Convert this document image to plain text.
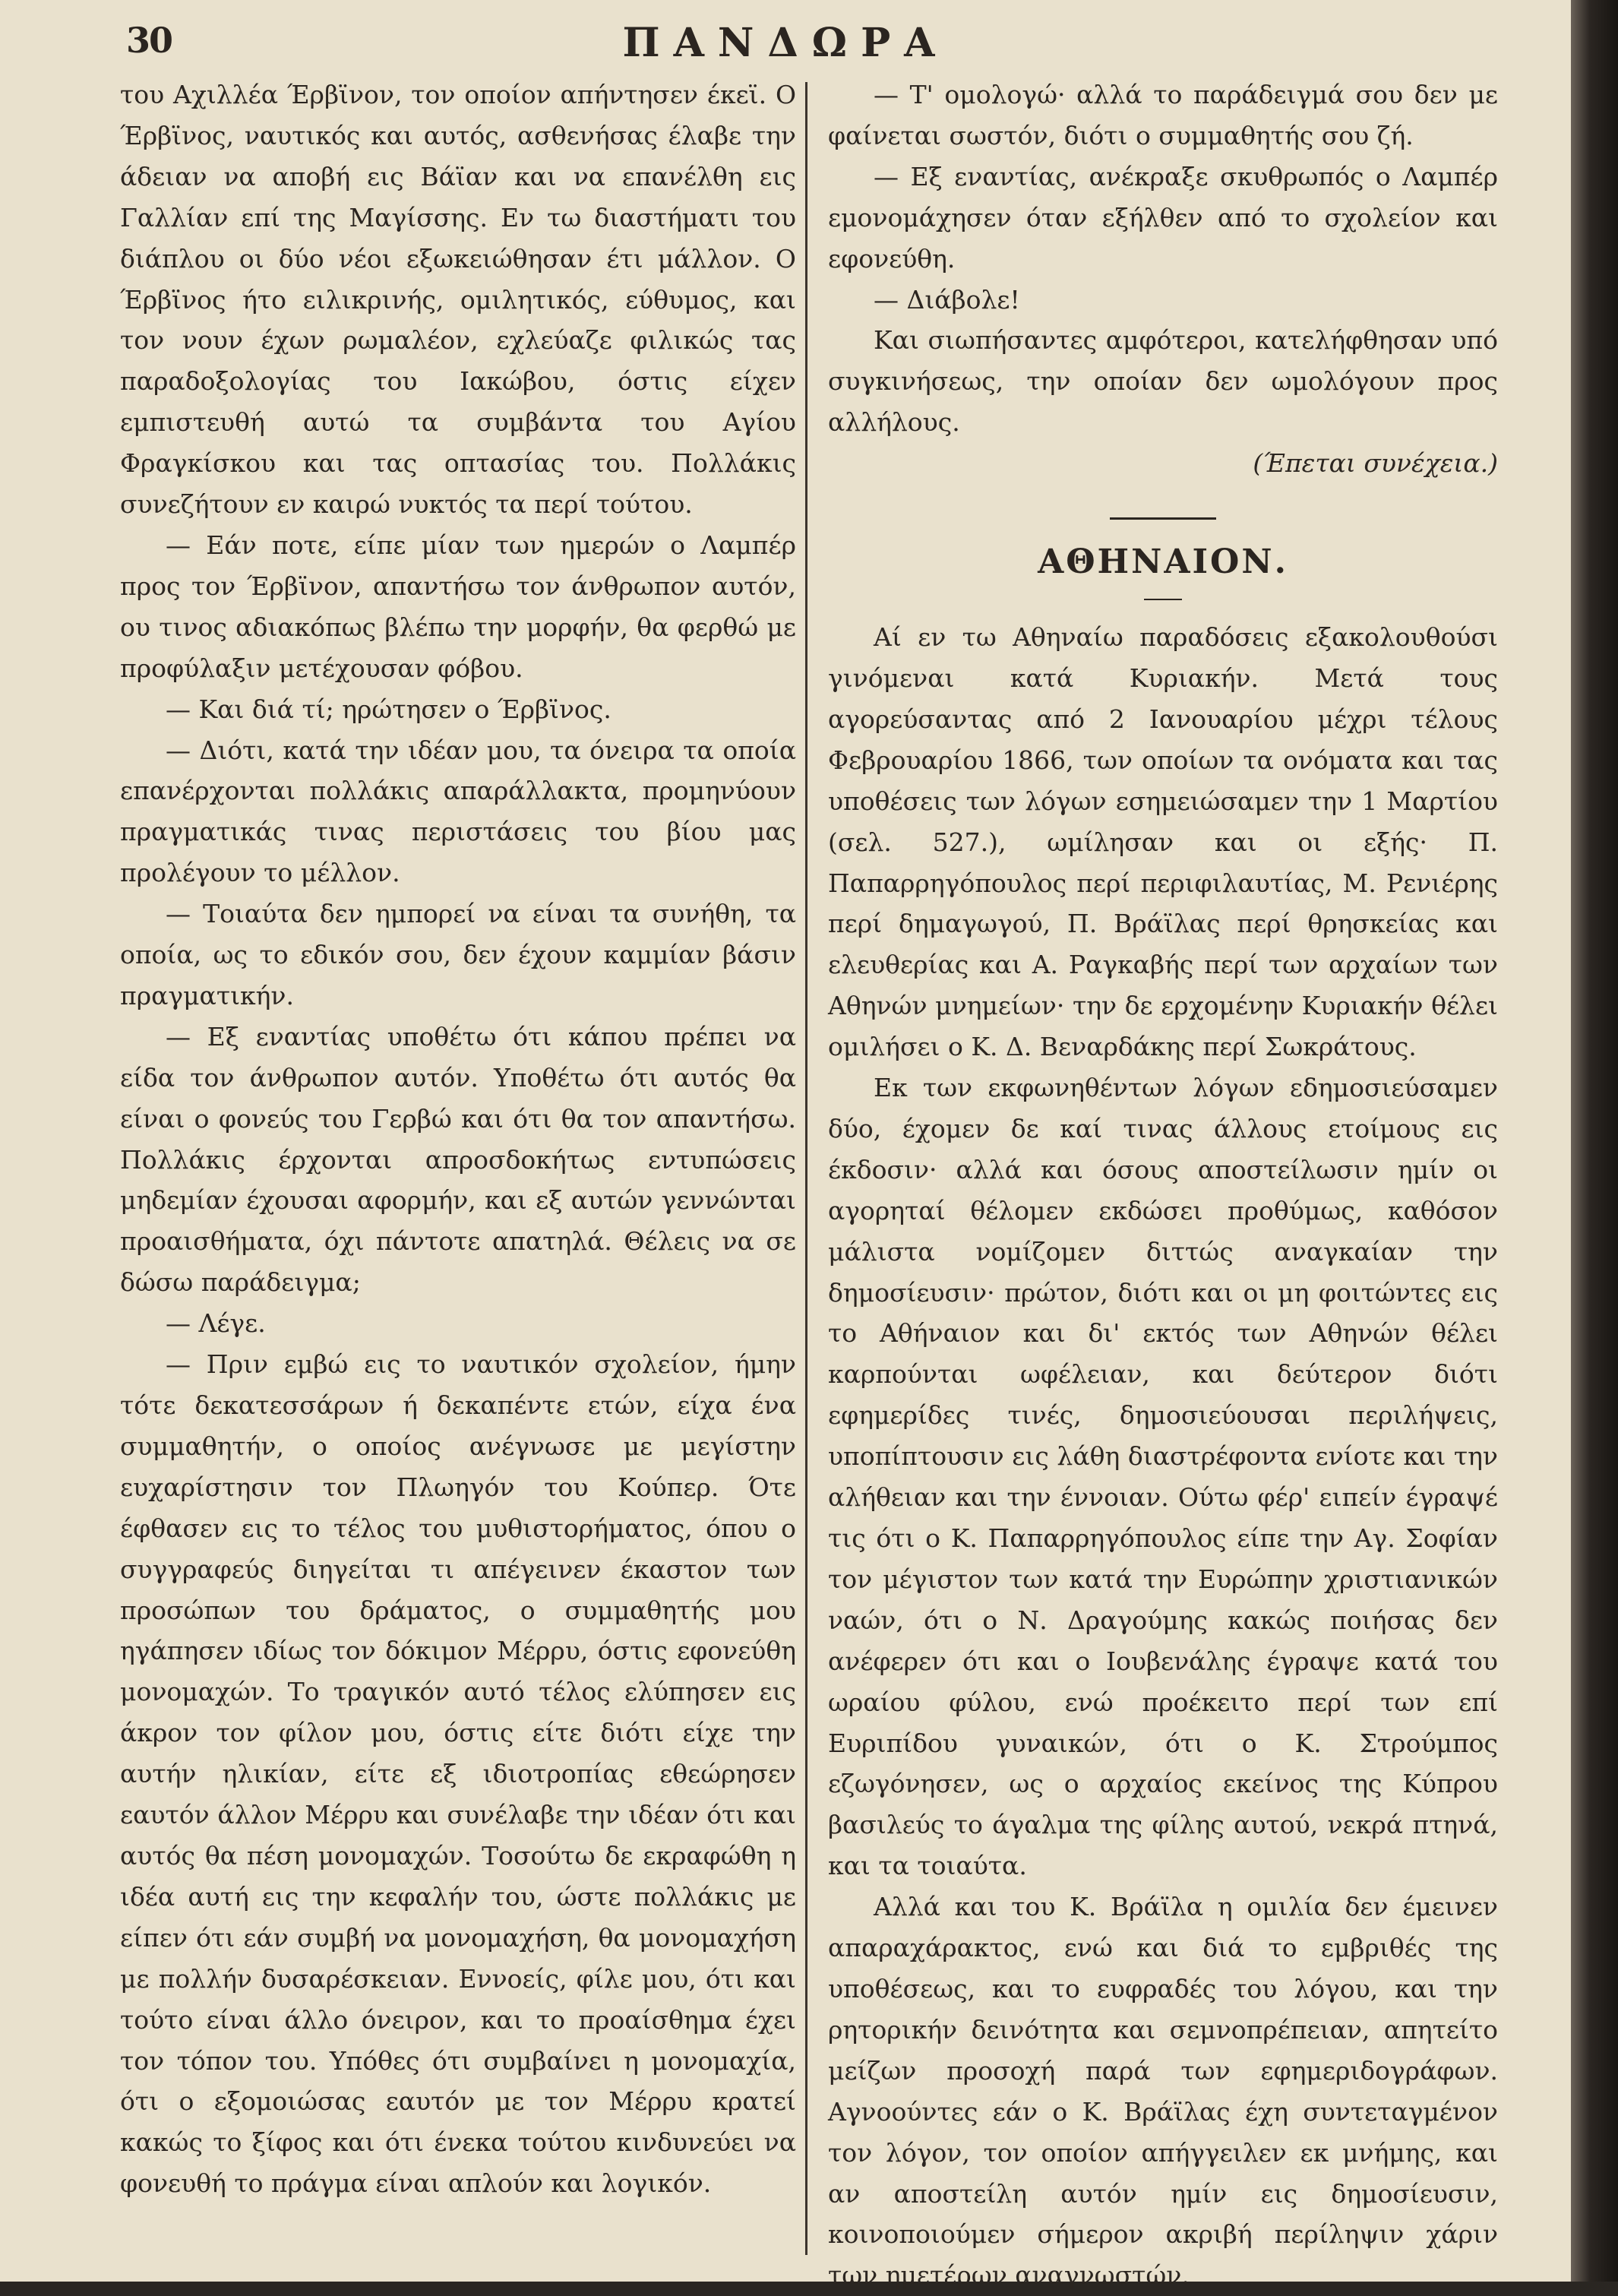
30	ΠΑΝΔΩΡΑ

του Αχιλλέα Έρβϊνον, τον οποίον απήντησεν έκεϊ. Ο Έρβϊνος, ναυτικός και αυτός, ασθενήσας έλαβε την άδειαν να αποβή εις Βάϊαν και να επανέλθη εις Γαλλίαν επί της Μαγίσσης. Εν τω διαστήματι του διάπλου οι δύο νέοι εξωκειώθησαν έτι μάλλον. Ο Έρβϊνος ήτο ειλικρινής, ομιλητικός, εύθυμος, και τον νουν έχων ρωμαλέον, εχλεύαζε φιλικώς τας παραδοξολογίας του Ιακώβου, όστις είχεν εμπιστευθή αυτώ τα συμβάντα του Αγίου Φραγκίσκου και τας οπτασίας του. Πολλάκις συνεζήτουν εν καιρώ νυκτός τα περί τούτου.

— Εάν ποτε, είπε μίαν των ημερών ο Λαμπέρ προς τον Έρβϊνον, απαντήσω τον άνθρωπον αυτόν, ου τινος αδιακόπως βλέπω την μορφήν, θα φερθώ με προφύλαξιν μετέχουσαν φόβου.

— Και διά τί; ηρώτησεν ο Έρβϊνος.

— Διότι, κατά την ιδέαν μου, τα όνειρα τα οποία επανέρχονται πολλάκις απαράλλακτα, προμηνύουν πραγματικάς τινας περιστάσεις του βίου μας προλέγουν το μέλλον.

— Τοιαύτα δεν ημπορεί να είναι τα συνήθη, τα οποία, ως το εδικόν σου, δεν έχουν καμμίαν βάσιν πραγματικήν.

— Εξ εναντίας υποθέτω ότι κάπου πρέπει να είδα τον άνθρωπον αυτόν. Υποθέτω ότι αυτός θα είναι ο φονεύς του Γερβώ και ότι θα τον απαντήσω. Πολλάκις έρχονται απροσδοκήτως εντυπώσεις μηδεμίαν έχουσαι αφορμήν, και εξ αυτών γεννώνται προαισθήματα, όχι πάντοτε απατηλά. Θέλεις να σε δώσω παράδειγμα;

— Λέγε.

— Πριν εμβώ εις το ναυτικόν σχολείον, ήμην τότε δεκατεσσάρων ή δεκαπέντε ετών, είχα ένα συμμαθητήν, ο οποίος ανέγνωσε με μεγίστην ευχαρίστησιν τον Πλωηγόν του Κούπερ. Ότε έφθασεν εις το τέλος του μυθιστορήματος, όπου ο συγγραφεύς διηγείται τι απέγεινεν έκαστον των προσώπων του δράματος, ο συμμαθητής μου ηγάπησεν ιδίως τον δόκιμον Μέρρυ, όστις εφονεύθη μονομαχών. Το τραγικόν αυτό τέλος ελύπησεν εις άκρον τον φίλον μου, όστις είτε διότι είχε την αυτήν ηλικίαν, είτε εξ ιδιοτροπίας εθεώρησεν εαυτόν άλλον Μέρρυ και συνέλαβε την ιδέαν ότι και αυτός θα πέση μονομαχών. Τοσούτω δε εκραφώθη η ιδέα αυτή εις την κεφαλήν του, ώστε πολλάκις με είπεν ότι εάν συμβή να μονομαχήση, θα μονομαχήση με πολλήν δυσαρέσκειαν. Εννοείς, φίλε μου, ότι και τούτο είναι άλλο όνειρον, και το προαίσθημα έχει τον τόπον του. Υπόθες ότι συμβαίνει η μονομαχία, ότι ο εξομοιώσας εαυτόν με τον Μέρρυ κρατεί κακώς το ξίφος και ότι ένεκα τούτου κινδυνεύει να φονευθή το πράγμα είναι απλούν και λογικόν.

— Τ' ομολογώ· αλλά το παράδειγμά σου δεν με φαίνεται σωστόν, διότι ο συμμαθητής σου ζή.

— Εξ εναντίας, ανέκραξε σκυθρωπός ο Λαμπέρ εμονομάχησεν όταν εξήλθεν από το σχολείον και εφονεύθη.

— Διάβολε!

Και σιωπήσαντες αμφότεροι, κατελήφθησαν υπό συγκινήσεως, την οποίαν δεν ωμολόγουν προς αλλήλους.

(Έπεται συνέχεια.)
ΑΘΗΝΑΙΟΝ.

Αί εν τω Αθηναίω παραδόσεις εξακολουθούσι γινόμεναι κατά Κυριακήν. Μετά τους αγορεύσαντας από 2 Ιανουαρίου μέχρι τέλους Φεβρουαρίου 1866, των οποίων τα ονόματα και τας υποθέσεις των λόγων εσημειώσαμεν την 1 Μαρτίου (σελ. 527.), ωμίλησαν και οι εξής· Π. Παπαρρηγόπουλος περί περιφιλαυτίας, Μ. Ρενιέρης περί δημαγωγού, Π. Βράϊλας περί θρησκείας και ελευθερίας και Α. Ραγκαβής περί των αρχαίων των Αθηνών μνημείων· την δε ερχομένην Κυριακήν θέλει ομιλήσει ο Κ. Δ. Βεναρδάκης περί Σωκράτους.

Εκ των εκφωνηθέντων λόγων εδημοσιεύσαμεν δύο, έχομεν δε καί τινας άλλους ετοίμους εις έκδοσιν· αλλά και όσους αποστείλωσιν ημίν οι αγορηταί θέλομεν εκδώσει προθύμως, καθόσον μάλιστα νομίζομεν διττώς αναγκαίαν την δημοσίευσιν· πρώτον, διότι και οι μη φοιτώντες εις το Αθήναιον και δι' εκτός των Αθηνών θέλει καρπούνται ωφέλειαν, και δεύτερον διότι εφημερίδες τινές, δημοσιεύουσαι περιλήψεις, υποπίπτουσιν εις λάθη διαστρέφοντα ενίοτε και την αλήθειαν και την έννοιαν. Ούτω φέρ' ειπείν έγραψέ τις ότι ο Κ. Παπαρρηγόπουλος είπε την Αγ. Σοφίαν τον μέγιστον των κατά την Ευρώπην χριστιανικών ναών, ότι ο Ν. Δραγούμης κακώς ποιήσας δεν ανέφερεν ότι και ο Ιουβενάλης έγραψε κατά του ωραίου φύλου, ενώ προέκειτο περί των επί Ευριπίδου γυναικών, ότι ο Κ. Στρούμπος εζωγόνησεν, ως ο αρχαίος εκείνος της Κύπρου βασιλεύς το άγαλμα της φίλης αυτού, νεκρά πτηνά, και τα τοιαύτα.

Αλλά και του Κ. Βράϊλα η ομιλία δεν έμεινεν απαραχάρακτος, ενώ και διά το εμβριθές της υποθέσεως, και το ευφραδές του λόγου, και την ρητορικήν δεινότητα και σεμνοπρέπειαν, απητείτο μείζων προσοχή παρά των εφημεριδογράφων. Αγνοούντες εάν ο Κ. Βράϊλας έχη συντεταγμένον τον λόγον, τον οποίον απήγγειλεν εκ μνήμης, και αν αποστείλη αυτόν ημίν εις δημοσίευσιν, κοινοποιούμεν σήμερον ακριβή περίληψιν χάριν των ημετέρων αναγνωστών.
